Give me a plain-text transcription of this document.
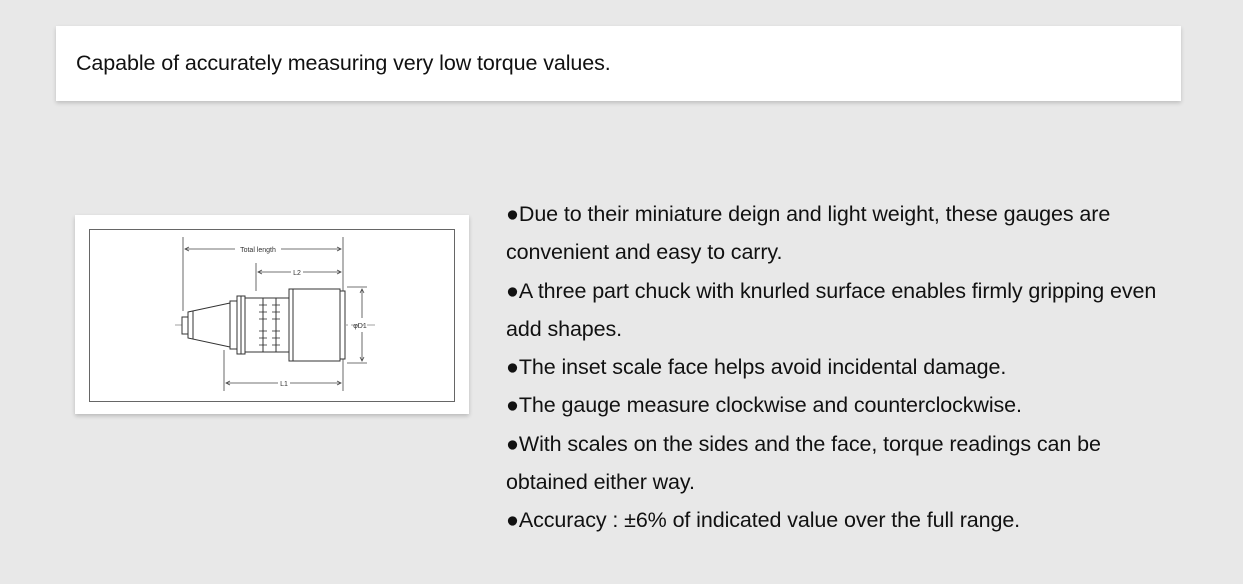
Capable of accurately measuring very low torque values.
Total length
L2
L1
φD1
●Due to their miniature deign and light weight, these gauges are convenient and easy to carry.
●A three part chuck with knurled surface enables firmly gripping even add shapes.
●The inset scale face helps avoid incidental damage.
●The gauge measure clockwise and counterclockwise.
●With scales on the sides and the face, torque readings can be obtained either way.
●Accuracy : ±6% of indicated value over the full range.
